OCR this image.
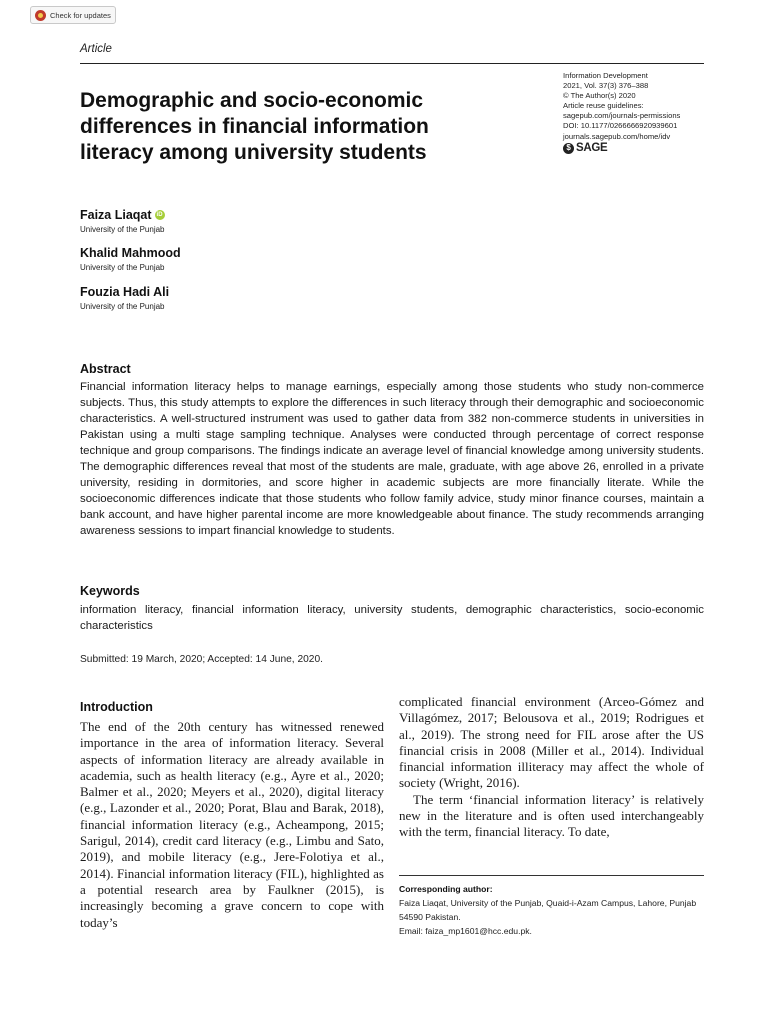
Check for updates
Article
Demographic and socio-economic differences in financial information literacy among university students
Information Development
2021, Vol. 37(3) 376–388
© The Author(s) 2020
Article reuse guidelines:
sagepub.com/journals-permissions
DOI: 10.1177/0266666920939601
journals.sagepub.com/home/idv
$ SAGE
Faiza Liaqat iD
University of the Punjab
Khalid Mahmood
University of the Punjab
Fouzia Hadi Ali
University of the Punjab
Abstract

Financial information literacy helps to manage earnings, especially among those students who study non-commerce subjects. Thus, this study attempts to explore the differences in such literacy through their demographic and socioeconomic characteristics. A well-structured instrument was used to gather data from 382 non-commerce students in universities in Pakistan using a multi stage sampling technique. Analyses were conducted through percentage of correct response technique and group comparisons. The findings indicate an average level of financial knowledge among university students. The demographic differences reveal that most of the students are male, graduate, with age above 26, enrolled in a private university, residing in dormitories, and score higher in academic subjects are more financially literate. While the socioeconomic differences indicate that those students who follow family advice, study minor finance courses, maintain a bank account, and have higher parental income are more knowledgeable about finance. The study recommends arranging awareness sessions to impart financial knowledge to students.

Keywords

information literacy, financial information literacy, university students, demographic characteristics, socio-economic characteristics

Submitted: 19 March, 2020; Accepted: 14 June, 2020.
Introduction

The end of the 20th century has witnessed renewed importance in the area of information literacy. Several aspects of information literacy are already available in academia, such as health literacy (e.g., Ayre et al., 2020; Balmer et al., 2020; Meyers et al., 2020), digital literacy (e.g., Lazonder et al., 2020; Porat, Blau and Barak, 2018), financial information literacy (e.g., Acheampong, 2015; Sarigul, 2014), credit card literacy (e.g., Limbu and Sato, 2019), and mobile literacy (e.g., Jere-Folotiya et al., 2014). Financial information literacy (FIL), highlighted as a potential research area by Faulkner (2015), is increasingly becoming a grave concern to cope with today’s

complicated financial environment (Arceo-Gómez and Villagómez, 2017; Belousova et al., 2019; Rodrigues et al., 2019). The strong need for FIL arose after the US financial crisis in 2008 (Miller et al., 2014). Individual financial information illiteracy may affect the whole of society (Wright, 2016).

The term ‘financial information literacy’ is relatively new in the literature and is often used interchangeably with the term, financial literacy. To date,

Corresponding author:
Faiza Liaqat, University of the Punjab, Quaid-i-Azam Campus, Lahore, Punjab 54590 Pakistan.
Email: faiza_mp1601@hcc.edu.pk.
